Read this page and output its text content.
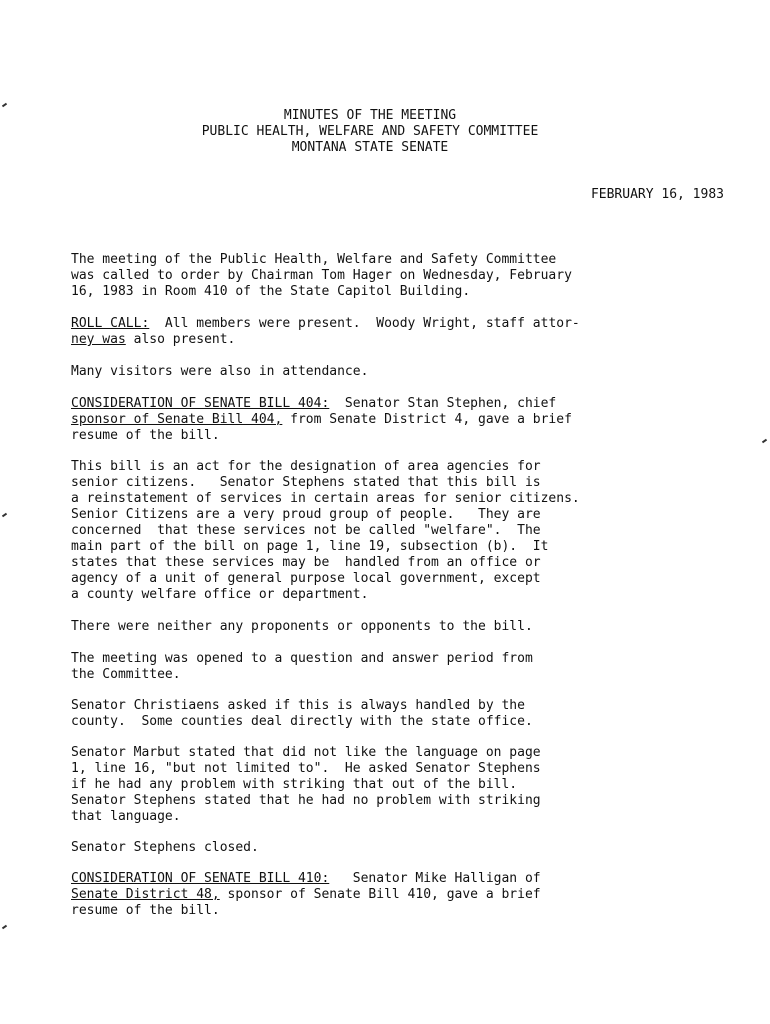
MINUTES OF THE MEETING
PUBLIC HEALTH, WELFARE AND SAFETY COMMITTEE
MONTANA STATE SENATE
FEBRUARY 16, 1983
The meeting of the Public Health, Welfare and Safety Committee
was called to order by Chairman Tom Hager on Wednesday, February
16, 1983 in Room 410 of the State Capitol Building.
ROLL CALL:  All members were present.  Woody Wright, staff attor-
ney was also present.
Many visitors were also in attendance.
CONSIDERATION OF SENATE BILL 404:  Senator Stan Stephen, chief
sponsor of Senate Bill 404, from Senate District 4, gave a brief
resume of the bill.
This bill is an act for the designation of area agencies for
senior citizens.   Senator Stephens stated that this bill is
a reinstatement of services in certain areas for senior citizens.
Senior Citizens are a very proud group of people.   They are
concerned  that these services not be called "welfare".  The
main part of the bill on page 1, line 19, subsection (b).  It
states that these services may be  handled from an office or
agency of a unit of general purpose local government, except
a county welfare office or department.
There were neither any proponents or opponents to the bill.
The meeting was opened to a question and answer period from
the Committee.
Senator Christiaens asked if this is always handled by the
county.  Some counties deal directly with the state office.
Senator Marbut stated that did not like the language on page
1, line 16, "but not limited to".  He asked Senator Stephens
if he had any problem with striking that out of the bill.
Senator Stephens stated that he had no problem with striking
that language.
Senator Stephens closed.
CONSIDERATION OF SENATE BILL 410:   Senator Mike Halligan of
Senate District 48, sponsor of Senate Bill 410, gave a brief
resume of the bill.
